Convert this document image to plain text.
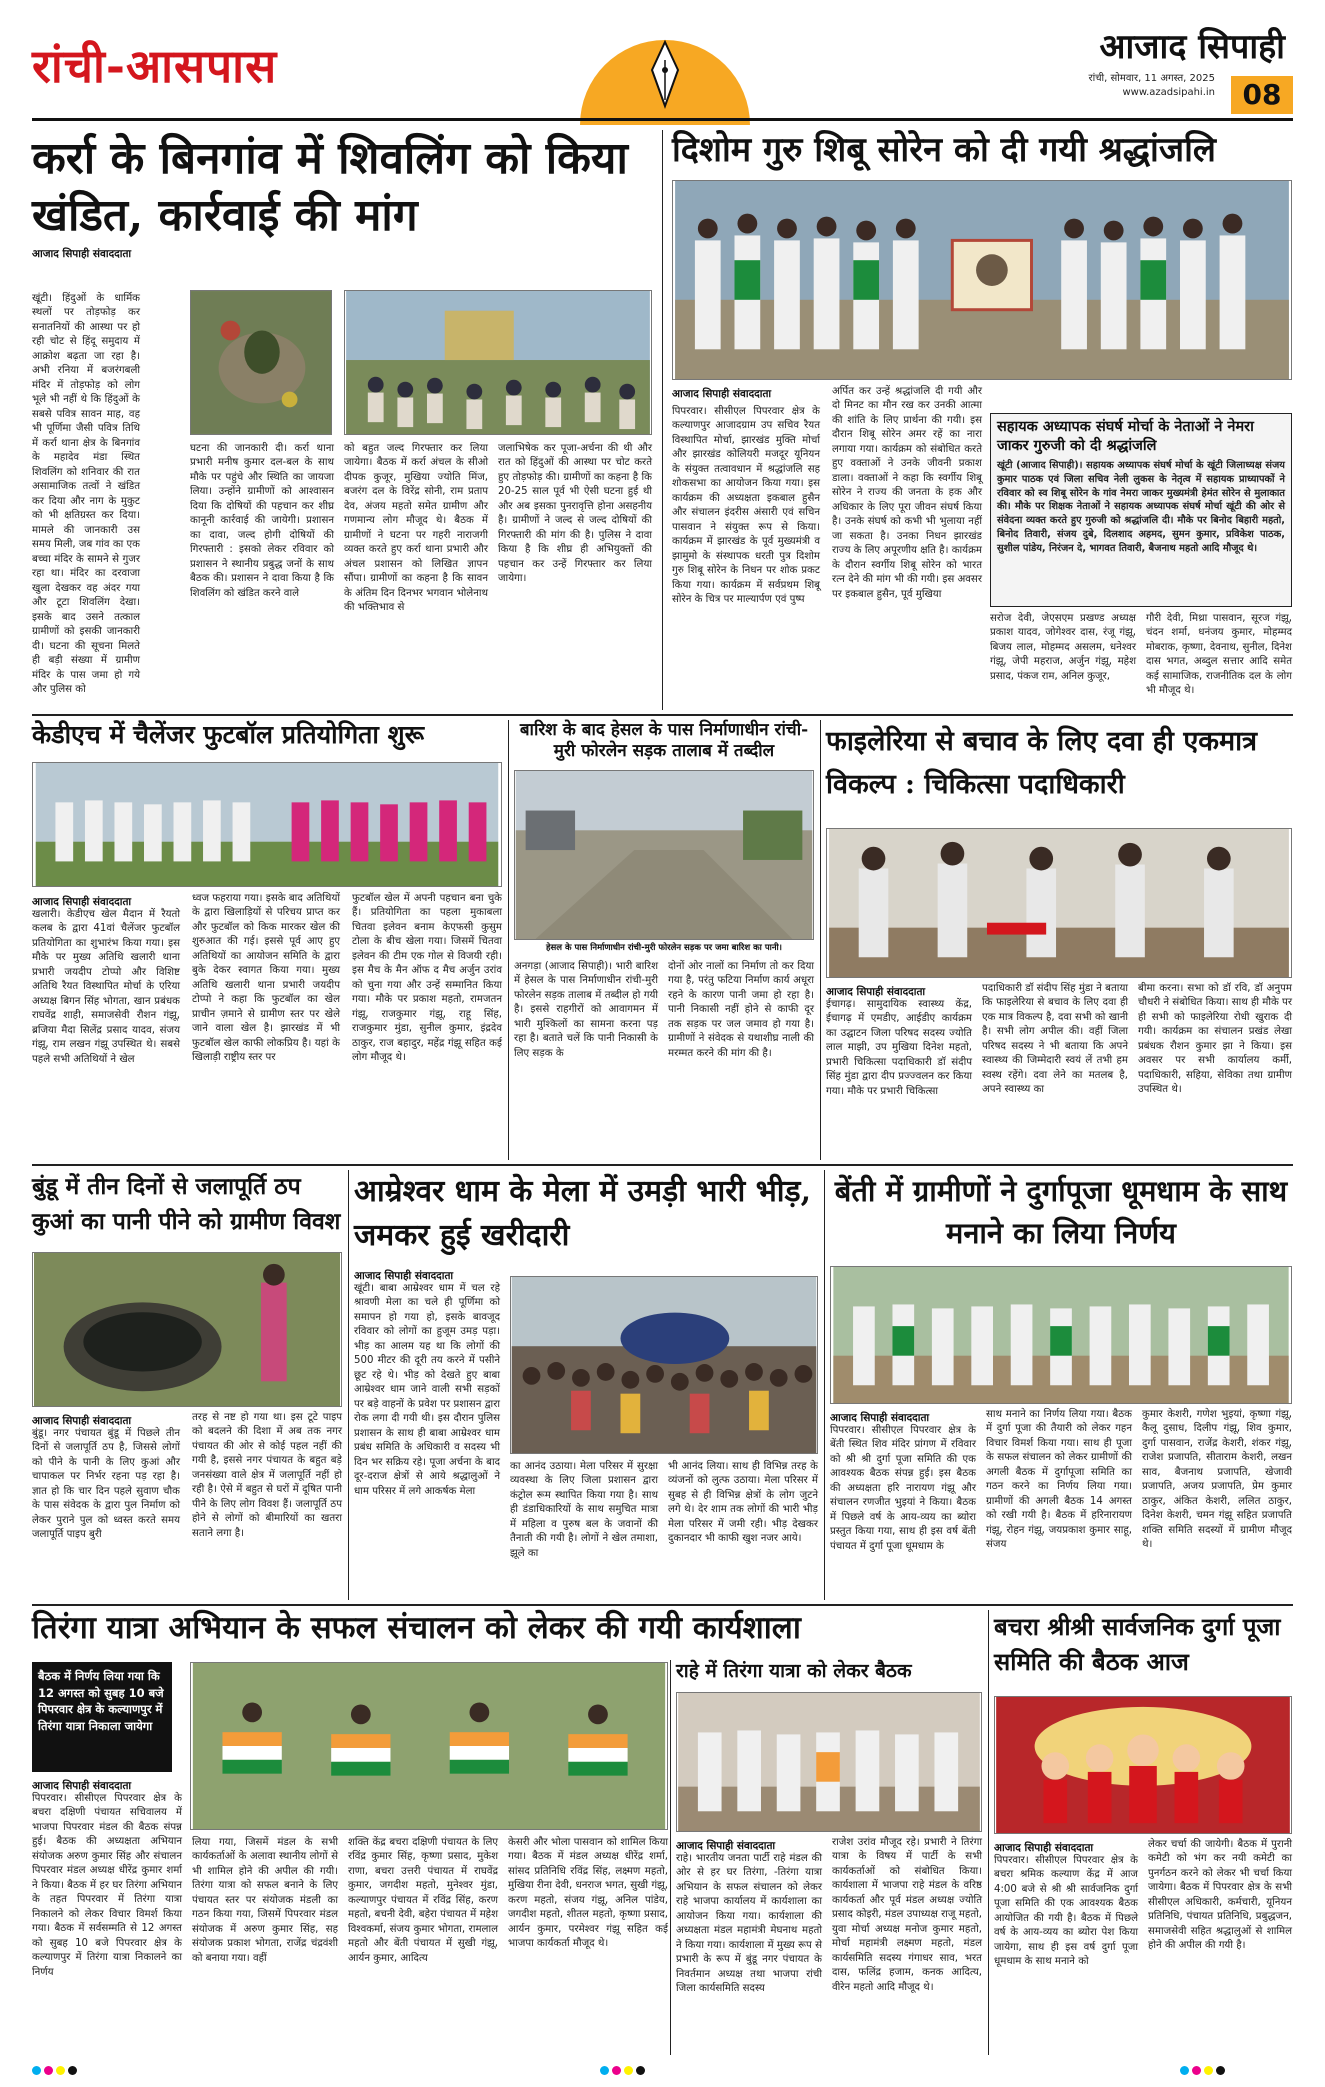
रांची-आसपास	आजाद सिपाही
रांची, सोमवार, 11 अगस्त, 2025
www.azadsipahi.in 08
कर्रा के बिनगांव में शिवलिंग को किया खंडित, कार्रवाई की मांग
आजाद सिपाही संवाददाता
खूंटी। हिंदुओं के धार्मिक स्थलों पर तोड़फोड़ कर सनातनियों की आस्था पर हो रही चोट से हिंदू समुदाय में आक्रोश बढ़ता जा रहा है। अभी रनिया में बजरंगबली मंदिर में तोड़फोड़ को लोग भूले भी नहीं थे कि हिंदुओं के सबसे पवित्र सावन माह, वह भी पूर्णिमा जैसी पवित्र तिथि में कर्रा थाना क्षेत्र के बिनगांव के महादेव मंडा स्थित शिवलिंग को शनिवार की रात असामाजिक तत्वों ने खंडित कर दिया और नाग के मुकुट को भी क्षतिग्रस्त कर दिया। मामले की जानकारी उस समय मिली, जब गांव का एक बच्चा मंदिर के सामने से गुजर रहा था। मंदिर का दरवाजा खुला देखकर वह अंदर गया और टूटा शिवलिंग देखा। इसके बाद उसने तत्काल ग्रामीणों को इसकी जानकारी दी। घटना की सूचना मिलते ही बड़ी संख्या में ग्रामीण मंदिर के पास जमा हो गये और पुलिस को
घटना की जानकारी दी। कर्रा थाना प्रभारी मनीष कुमार दल-बल के साथ मौके पर पहुंचे और स्थिति का जायजा लिया। उन्होंने ग्रामीणों को आश्वासन दिया कि दोषियों की पहचान कर शीघ्र कानूनी कार्रवाई की जायेगी। प्रशासन का दावा, जल्द होगी दोषियों की गिरफ्तारी : इसको लेकर रविवार को प्रशासन ने स्थानीय प्रबुद्ध जनों के साथ बैठक की। प्रशासन ने दावा किया है कि शिवलिंग को खंडित करने वाले
को बहुत जल्द गिरफ्तार कर लिया जायेगा। बैठक में कर्रा अंचल के सीओ दीपक कुजूर, मुखिया ज्योति मिंज, बजरंग दल के विरेंद्र सोनी, राम प्रताप देव, अंजय महतो समेत ग्रामीण और गणमान्य लोग मौजूद थे। बैठक में ग्रामीणों ने घटना पर गहरी नाराजगी व्यक्त करते हुए कर्रा थाना प्रभारी और अंचल प्रशासन को लिखित ज्ञापन सौंपा। ग्रामीणों का कहना है कि सावन के अंतिम दिन दिनभर भगवान भोलेनाथ की भक्तिभाव से
जलाभिषेक कर पूजा-अर्चना की थी और रात को हिंदुओं की आस्था पर चोट करते हुए तोड़फोड़ की। ग्रामीणों का कहना है कि 20-25 साल पूर्व भी ऐसी घटना हुई थी और अब इसका पुनरावृत्ति होना असहनीय है। ग्रामीणों ने जल्द से जल्द दोषियों की गिरफ्तारी की मांग की है। पुलिस ने दावा किया है कि शीघ्र ही अभियुक्तों की पहचान कर उन्हें गिरफ्तार कर लिया जायेगा।
दिशोम गुरु शिबू सोरेन को दी गयी श्रद्धांजलि
आजाद सिपाही संवाददाता
पिपरवार। सीसीएल पिपरवार क्षेत्र के कल्याणपुर आजादग्राम उप सचिव रैयत विस्थापित मोर्चा, झारखंड मुक्ति मोर्चा और झारखंड कोलियरी मजदूर यूनियन के संयुक्त तत्वावधान में श्रद्धांजलि सह शोकसभा का आयोजन किया गया। इस कार्यक्रम की अध्यक्षता इकबाल हुसैन और संचालन इंदरीस अंसारी एवं सचिन पासवान ने संयुक्त रूप से किया। कार्यक्रम में झारखंड के पूर्व मुख्यमंत्री व झामुमो के संस्थापक धरती पुत्र दिशोम गुरु शिबू सोरेन के निधन पर शोक प्रकट किया गया। कार्यक्रम में सर्वप्रथम शिबू सोरेन के चित्र पर माल्यार्पण एवं पुष्प
अर्पित कर उन्हें श्रद्धांजलि दी गयी और दो मिनट का मौन रख कर उनकी आत्मा की शांति के लिए प्रार्थना की गयी। इस दौरान शिबू सोरेन अमर रहें का नारा लगाया गया। कार्यक्रम को संबोधित करते हुए वक्ताओं ने उनके जीवनी प्रकाश डाला। वक्ताओं ने कहा कि स्वर्गीय शिबू सोरेन ने राज्य की जनता के हक और अधिकार के लिए पूरा जीवन संघर्ष किया है। उनके संघर्ष को कभी भी भुलाया नहीं जा सकता है। उनका निधन झारखंड राज्य के लिए अपूरणीय क्षति है। कार्यक्रम के दौरान स्वर्गीय शिबू सोरेन को भारत रत्न देने की मांग भी की गयी। इस अवसर पर इकबाल हुसैन, पूर्व मुखिया
सहायक अध्यापक संघर्ष मोर्चा के नेताओं ने नेमरा जाकर गुरुजी को दी श्रद्धांजलि
खूंटी (आजाद सिपाही)। सहायक अध्यापक संघर्ष मोर्चा के खूंटी जिलाध्यक्ष संजय कुमार पाठक एवं जिला सचिव नेली लुकस के नेतृत्व में सहायक प्राध्यापकों ने रविवार को स्व शिबू सोरेन के गांव नेमरा जाकर मुख्यमंत्री हेमंत सोरेन से मुलाकात की। मौके पर शिक्षक नेताओं ने सहायक अध्यापक संघर्ष मोर्चा खूंटी की ओर से संवेदना व्यक्त करते हुए गुरुजी को श्रद्धांजलि दी। मौके पर बिनोद बिहारी महतो, बिनोद तिवारी, संजय दुबे, दिलशाद अहमद, सुमन कुमार, प्रविकेश पाठक, सुशील पांडेय, निरंजन दे, भागवत तिवारी, बैजनाथ महतो आदि मौजूद थे।
सरोज देवी, जेएसएम प्रखण्ड अध्यक्ष प्रकाश यादव, जोगेश्वर दास, रंजू गंझू, बिजय लाल, मोहम्मद असलम, धनेश्वर गंझू, जेपी महराज, अर्जुन गंझू, महेश प्रसाद, पंकज राम, अनिल कुजूर,
गौरी देवी, मिथ्रा पासवान, सूरज गंझू, चंदन शर्मा, धनंजय कुमार, मोहम्मद मोबराक, कृष्णा, देवनाथ, सुनील, दिनेश दास भगत, अब्दुल सत्तार आदि समेत कई सामाजिक, राजनीतिक दल के लोग भी मौजूद थे।
केडीएच में चैलेंजर फुटबॉल प्रतियोगिता शुरू
आजाद सिपाही संवाददाता
खलारी। केडीएच खेल मैदान में रैयतो कलब के द्वारा 41वां चैलेंजर फुटबॉल प्रतियोगिता का शुभारंभ किया गया। इस मौके पर मुख्य अतिथि खलारी थाना प्रभारी जयदीप टोप्पो और विशिष्ट अतिथि रैयत विस्थापित मोर्चा के एरिया अध्यक्ष बिगन सिंह भोगता, खान प्रबंधक राघवेंद्र शाही, समाजसेवी रौशन गंझू, ब्रजिया मैदा सिलेंद्र प्रसाद यादव, संजय गंझू, राम लखन गंझू उपस्थित थे। सबसे पहले सभी अतिथियों ने खेल
ध्वज फहराया गया। इसके बाद अतिथियों के द्वारा खिलाड़ियों से परिचय प्राप्त कर और फुटबॉल को किक मारकर खेल की शुरुआत की गई। इससे पूर्व आए हुए अतिथियों का आयोजन समिति के द्वारा बुके देकर स्वागत किया गया। मुख्य अतिथि खलारी थाना प्रभारी जयदीप टोप्पो ने कहा कि फुटबॉल का खेल प्राचीन ज़माने से ग्रामीण स्तर पर खेले जाने वाला खेल है। झारखंड में भी फुटबॉल खेल काफी लोकप्रिय है। यहां के खिलाड़ी राष्ट्रीय स्तर पर
फुटबॉल खेल में अपनी पहचान बना चुके हैं। प्रतियोगिता का पहला मुकाबला चितवा इलेवन बनाम केएफसी कुसुम टोला के बीच खेला गया। जिसमें चितवा इलेवन की टीम एक गोल से विजयी रही। इस मैच के मैन ऑफ द मैच अर्जुन उरांव को चुना गया और उन्हें सम्मानित किया गया। मौके पर प्रकाश महतो, रामजतन गंझू, राजकुमार गंझू, राहू सिंह, राजकुमार मुंडा, सुनील कुमार, इंद्रदेव ठाकुर, राज बहादुर, महेंद्र गंझू सहित कई लोग मौजूद थे।
बारिश के बाद हेसल के पास निर्माणाधीन रांची-मुरी फोरलेन सड़क तालाब में तब्दील
हेसल के पास निर्माणाधीन रांची-मुरी फोरलेन सड़क पर जमा बारिश का पानी।
अनगड़ा (आजाद सिपाही)। भारी बारिश में हेसल के पास निर्माणाधीन रांची-मुरी फोरलेन सड़क तालाब में तब्दील हो गयी है। इससे राहगीरों को आवागमन में भारी मुश्किलों का सामना करना पड़ रहा है। बताते चलें कि पानी निकासी के लिए सड़क के
दोनों ओर नालों का निर्माण तो कर दिया गया है, परंतु फटिया निर्माण कार्य अधूरा रहने के कारण पानी जमा हो रहा है। पानी निकासी नहीं होने से काफी दूर तक सड़क पर जल जमाव हो गया है। ग्रामीणों ने संवेदक से यथाशीघ्र नाली की मरम्मत करने की मांग की है।
फाइलेरिया से बचाव के लिए दवा ही एकमात्र विकल्प : चिकित्सा पदाधिकारी
आजाद सिपाही संवाददाता
ईचागढ़। सामुदायिक स्वास्थ्य केंद्र, ईचागढ़ में एमडीए, आईडीए कार्यक्रम का उद्घाटन जिला परिषद सदस्य ज्योति लाल माझी, उप मुखिया दिनेश महतो, प्रभारी चिकित्सा पदाधिकारी डॉ संदीप सिंह मुंडा द्वारा दीप प्रज्ज्वलन कर किया गया। मौके पर प्रभारी चिकित्सा
पदाधिकारी डॉ संदीप सिंह मुंडा ने बताया कि फाइलेरिया से बचाव के लिए दवा ही एक मात्र विकल्प है, दवा सभी को खानी है। सभी लोग अपील की। वहीं जिला परिषद सदस्य ने भी बताया कि अपने स्वास्थ्य की जिम्मेदारी स्वयं लें तभी हम स्वस्थ रहेंगे। दवा लेने का मतलब है, अपने स्वास्थ्य का
बीमा करना। सभा को डॉ रवि, डॉ अनुपम चौधरी ने संबोधित किया। साथ ही मौके पर ही सभी को फाइलेरिया रोधी खुराक दी गयी। कार्यक्रम का संचालन प्रखंड लेखा प्रबंधक रौशन कुमार झा ने किया। इस अवसर पर सभी कार्यालय कर्मी, पदाधिकारी, सहिया, सेविका तथा ग्रामीण उपस्थित थे।
बुंडू में तीन दिनों से जलापूर्ति ठप कुआं का पानी पीने को ग्रामीण विवश
आजाद सिपाही संवाददाता
बुंडू। नगर पंचायत बुंडू में पिछले तीन दिनों से जलापूर्ति ठप है, जिससे लोगों को पीने के पानी के लिए कुआं और चापाकल पर निर्भर रहना पड़ रहा है। ज्ञात हो कि चार दिन पहले सुवाण चौक के पास संवेदक के द्वारा पुल निर्माण को लेकर पुराने पुल को ध्वस्त करते समय जलापूर्ति पाइप बुरी
तरह से नष्ट हो गया था। इस टूटे पाइप को बदलने की दिशा में अब तक नगर पंचायत की ओर से कोई पहल नहीं की गयी है, इससे नगर पंचायत के बहुत बड़े जनसंख्या वाले क्षेत्र में जलापूर्ति नहीं हो रही है। ऐसे में बहुत से घरों में दूषित पानी पीने के लिए लोग विवश हैं। जलापूर्ति ठप होने से लोगों को बीमारियों का खतरा सताने लगा है।
आम्रेश्वर धाम के मेला में उमड़ी भारी भीड़, जमकर हुई खरीदारी
आजाद सिपाही संवाददाता
खूंटी। बाबा आम्रेश्वर धाम में चल रहे श्रावणी मेला का चले ही पूर्णिमा को समापन हो गया हो, इसके बावजूद रविवार को लोगों का हुजूम उमड़ पड़ा। भीड़ का आलम यह था कि लोगों की 500 मीटर की दूरी तय करने में पसीने छूट रहे थे। भीड़ को देखते हुए बाबा आम्रेश्वर धाम जाने वाली सभी सड़कों पर बड़े वाहनों के प्रवेश पर प्रशासन द्वारा रोक लगा दी गयी थी। इस दौरान पुलिस प्रशासन के साथ ही बाबा आम्रेश्वर धाम प्रबंध समिति के अधिकारी व सदस्य भी दिन भर सक्रिय रहे। पूजा अर्चना के बाद दूर-दराज क्षेत्रों से आये श्रद्धालुओं ने धाम परिसर में लगे आकर्षक मेला
का आनंद उठाया। मेला परिसर में सुरक्षा व्यवस्था के लिए जिला प्रशासन द्वारा कंट्रोल रूम स्थापित किया गया है। साथ ही डंडाधिकारियों के साथ समुचित मात्रा में महिला व पुरुष बल के जवानों की तैनाती की गयी है। लोगों ने खेल तमाशा, झूले का
भी आनंद लिया। साथ ही विभिन्न तरह के व्यंजनों को लुत्फ उठाया। मेला परिसर में सुबह से ही विभिन्न क्षेत्रों के लोग जुटने लगे थे। देर शाम तक लोगों की भारी भीड़ मेला परिसर में जमी रही। भीड़ देखकर दुकानदार भी काफी खुश नजर आये।
बेंती में ग्रामीणों ने दुर्गापूजा धूमधाम के साथ मनाने का लिया निर्णय
आजाद सिपाही संवाददाता
पिपरवार। सीसीएल पिपरवार क्षेत्र के बेंती स्थित शिव मंदिर प्रांगण में रविवार को श्री श्री दुर्गा पूजा समिति की एक आवश्यक बैठक संपन्न हुई। इस बैठक की अध्यक्षता हरि नारायण गंझू और संचालन रणजीत भुइयां ने किया। बैठक में पिछले वर्ष के आय-व्यय का ब्योरा प्रस्तुत किया गया, साथ ही इस वर्ष बेंती पंचायत में दुर्गा पूजा धूमधाम के
साथ मनाने का निर्णय लिया गया। बैठक में दुर्गा पूजा की तैयारी को लेकर गहन विचार विमर्श किया गया। साथ ही पूजा के सफल संचालन को लेकर ग्रामीणों की अगली बैठक में दुर्गापूजा समिति का गठन करने का निर्णय लिया गया। ग्रामीणों की अगली बैठक 14 अगस्त को रखी गयी है। बैठक में हरिनारायण गंझू, रोहन गंझू, जयप्रकाश कुमार साहू, संजय
कुमार केशरी, गणेश भुइयां, कृष्णा गंझू, कैलू दुसाध, दिलीप गंझू, शिव कुमार, दुर्गा पासवान, राजेंद्र केशरी, शंकर गंझू, राजेश प्रजापति, सीताराम केशरी, लखन साव, बैजनाथ प्रजापति, खेजावी प्रजापति, अजय प्रजापति, प्रेम कुमार ठाकुर, अंकित केशरी, ललित ठाकुर, दिनेश केशरी, चमन गंझू सहित प्रजापति शक्ति समिति सदस्यों में ग्रामीण मौजूद थे।
तिरंगा यात्रा अभियान के सफल संचालन को लेकर की गयी कार्यशाला
बैठक में निर्णय लिया गया कि 12 अगस्त को सुबह 10 बजे पिपरवार क्षेत्र के कल्याणपुर में तिरंगा यात्रा निकाला जायेगा
आजाद सिपाही संवाददाता
पिपरवार। सीसीएल पिपरवार क्षेत्र के बचरा दक्षिणी पंचायत सचिवालय में भाजपा पिपरवार मंडल की बैठक संपन्न हुई। बैठक की अध्यक्षता अभियान संयोजक अरुण कुमार सिंह और संचालन पिपरवार मंडल अध्यक्ष धीरेंद्र कुमार शर्मा ने किया। बैठक में हर घर तिरंगा अभियान के तहत पिपरवार में तिरंगा यात्रा निकालने को लेकर विचार विमर्श किया गया। बैठक में सर्वसम्मति से 12 अगस्त को सुबह 10 बजे पिपरवार क्षेत्र के कल्याणपुर में तिरंगा यात्रा निकालने का निर्णय
लिया गया, जिसमें मंडल के सभी कार्यकर्ताओं के अलावा स्थानीय लोगों से भी शामिल होने की अपील की गयी। तिरंगा यात्रा को सफल बनाने के लिए पंचायत स्तर पर संयोजक मंडली का गठन किया गया, जिसमें पिपरवार मंडल संयोजक में अरुण कुमार सिंह, सह संयोजक प्रकाश भोगता, राजेंद्र चंद्रवंशी को बनाया गया। वहीं
शक्ति केंद्र बचरा दक्षिणी पंचायत के लिए रविंद्र कुमार सिंह, कृष्णा प्रसाद, मुकेश राणा, बचरा उत्तरी पंचायत में राघवेंद्र कुमार, जगदीश महतो, मुनेश्वर मुंडा, कल्याणपुर पंचायत में रविंद्र सिंह, करण महतो, बचनी देवी, बहेरा पंचायत में महेश विश्वकर्मा, संजय कुमार भोगता, रामलाल महतो और बेंती पंचायत में सुखी गंझू, आर्यन कुमार, आदित्य
केसरी और भोला पासवान को शामिल किया गया। बैठक में मंडल अध्यक्ष धीरेंद्र शर्मा, सांसद प्रतिनिधि रविंद्र सिंह, लक्ष्मण महतो, मुखिया रीना देवी, धनराज भगत, सुखी गंझू, करण महतो, संजय गंझू, अनिल पांडेय, जगदीश महतो, शीतल महतो, कृष्णा प्रसाद, आर्यन कुमार, परमेश्वर गंझू सहित कई भाजपा कार्यकर्ता मौजूद थे।
राहे में तिरंगा यात्रा को लेकर बैठक
आजाद सिपाही संवाददाता
राहे। भारतीय जनता पार्टी राहे मंडल की ओर से हर घर तिरंगा, -तिरंगा यात्रा अभियान के सफल संचालन को लेकर राहे भाजपा कार्यालय में कार्यशाला का आयोजन किया गया। कार्यशाला की अध्यक्षता मंडल महामंत्री मेघनाथ महतो ने किया गया। कार्यशाला में मुख्य रूप से प्रभारी के रूप में बुंडू नगर पंचायत के निवर्तमान अध्यक्ष तथा भाजपा रांची जिला कार्यसमिति सदस्य
राजेश उरांव मौजूद रहे। प्रभारी ने तिरंगा यात्रा के विषय में पार्टी के सभी कार्यकर्ताओं को संबोधित किया। कार्यशाला में भाजपा राहे मंडल के वरिष्ठ कार्यकर्ता और पूर्व मंडल अध्यक्ष ज्योति प्रसाद कोइरी, मंडल उपाध्यक्ष राजू महतो, युवा मोर्चा अध्यक्ष मनोज कुमार महतो, मोर्चा महामंत्री लक्ष्मण महतो, मंडल कार्यसमिति सदस्य गंगाधर साव, भरत दास, फलिंद्र हजाम, कनक आदित्य, वीरेन महतो आदि मौजूद थे।
बचरा श्रीश्री सार्वजनिक दुर्गा पूजा समिति की बैठक आज
आजाद सिपाही संवाददाता
पिपरवार। सीसीएल पिपरवार क्षेत्र के बचरा श्रमिक कल्याण केंद्र में आज 4:00 बजे से श्री श्री सार्वजनिक दुर्गा पूजा समिति की एक आवश्यक बैठक आयोजित की गयी है। बैठक में पिछले वर्ष के आय-व्यय का ब्योरा पेश किया जायेगा, साथ ही इस वर्ष दुर्गा पूजा धूमधाम के साथ मनाने को
लेकर चर्चा की जायेगी। बैठक में पुरानी कमेटी को भंग कर नयी कमेटी का पुनर्गठन करने को लेकर भी चर्चा किया जायेगा। बैठक में पिपरवार क्षेत्र के सभी सीसीएल अधिकारी, कर्मचारी, यूनियन प्रतिनिधि, पंचायत प्रतिनिधि, प्रबुद्धजन, समाजसेवी सहित श्रद्धालुओं से शामिल होने की अपील की गयी है।
